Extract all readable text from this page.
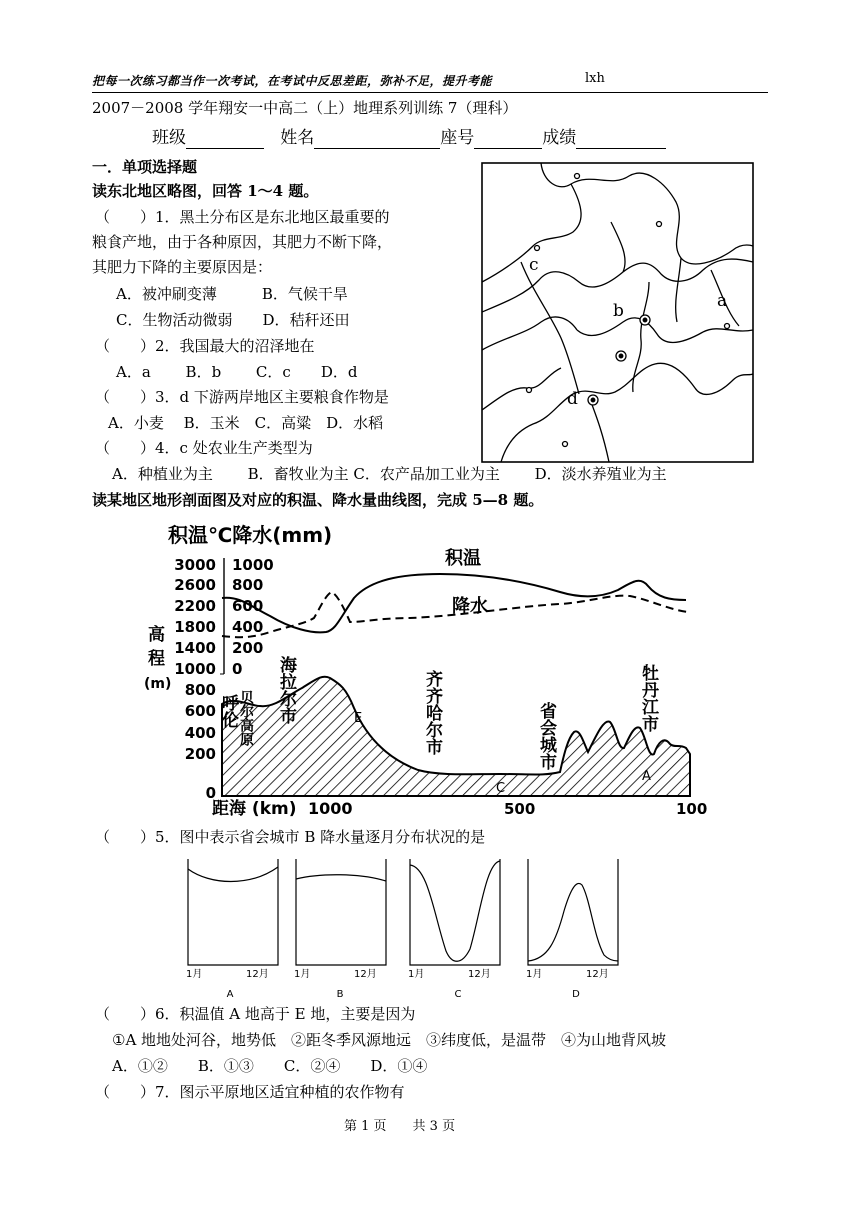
把每一次练习都当作一次考试，在考试中反思差距，弥补不足，提升考能	lxh
2007－2008 学年翔安一中高二（上）地理系列训练 7（理科）
班级	姓名	座号	成绩
一．单项选择题
读东北地区略图，回答 1～4 题。
（　　）1．黑土分布区是东北地区最重要的
粮食产地，由于各种原因，其肥力不断下降，
其肥力下降的主要原因是：
A．被冲刷变薄　　　B．气候干旱
C．生物活动微弱　　D．秸秆还田
（　　）2．我国最大的沼泽地在
A．a　　 B．b　　 C．c　　D．d
（　　）3．d 下游两岸地区主要粮食作物是
A．小麦　 B．玉米　C．高粱　D．水稻
（　　）4．c 处农业生产类型为
A．种植业为主　　 B．畜牧业为主 C．农产品加工业为主　　 D．淡水养殖业为主
读某地区地形剖面图及对应的积温、降水量曲线图，完成 5—8 题。
c
a
b
d
积温℃降水(mm)
3000
2600
2200
1800
1400
1000
800
600
400
200
0
1000
800
600
400
200
0
高
程
(m)
积温
降水
呼伦 贝尔高原 海拉尔市	齐齐哈尔市	省会城市
牡丹江市
E
C
A
距海 (km) 1000	500	100
（　　）5．图中表示省会城市 B 降水量逐月分布状况的是
1月	12月
A
1月	12月
B
1月	12月
C
1月	12月
D
（　　）6．积温值 A 地高于 E 地，主要是因为
①A 地地处河谷，地势低　②距冬季风源地远　③纬度低，是温带　④为山地背风坡
A．①②　　B．①③　　C．②④　　D．①④
（　　）7．图示平原地区适宜种植的农作物有
第 1 页　　共 3 页
